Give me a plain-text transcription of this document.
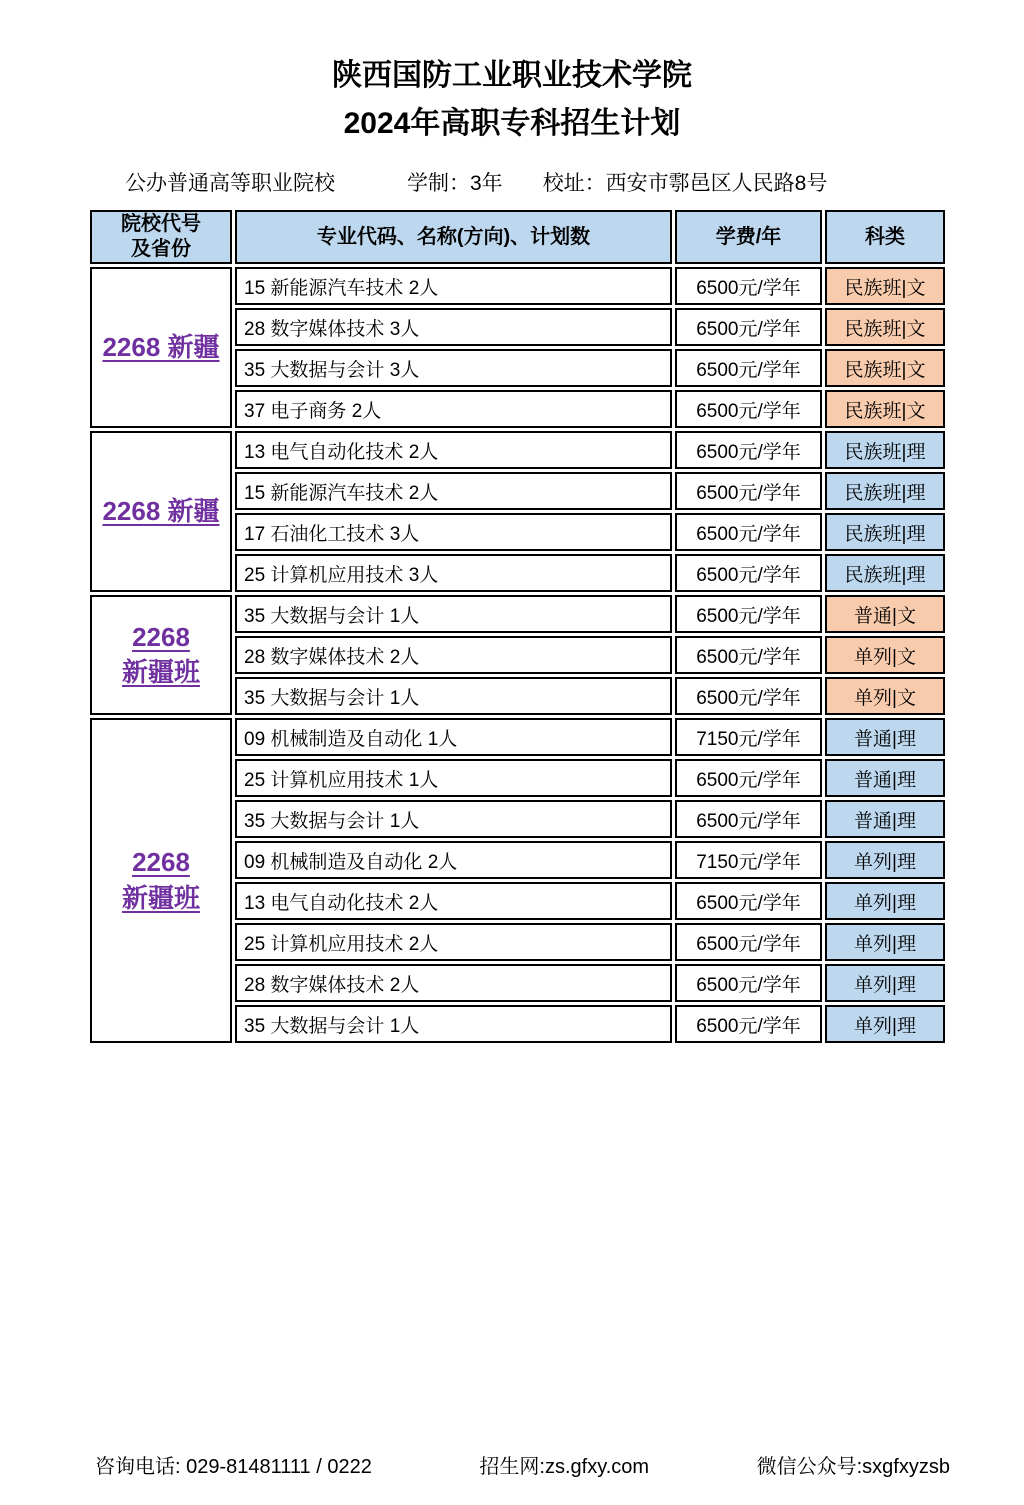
陕西国防工业职业技术学院
2024年高职专科招生计划
公办普通高等职业院校	学制：3年 校址：西安市鄠邑区人民路8号
院校代号
及省份	专业代码、名称(方向)、计划数	学费/年	科类

2268 新疆	15 新能源汽车技术 2人	6500元/学年	民族班|文
	28 数字媒体技术 3人	6500元/学年	民族班|文
	35 大数据与会计 3人	6500元/学年	民族班|文
	37 电子商务 2人	6500元/学年	民族班|文

2268 新疆	13 电气自动化技术 2人	6500元/学年	民族班|理
	15 新能源汽车技术 2人	6500元/学年	民族班|理
	17 石油化工技术 3人	6500元/学年	民族班|理
	25 计算机应用技术 3人	6500元/学年	民族班|理

2268
新疆班	35 大数据与会计 1人	6500元/学年	普通|文
	28 数字媒体技术 2人	6500元/学年	单列|文
	35 大数据与会计 1人	6500元/学年	单列|文

2268
新疆班	09 机械制造及自动化 1人	7150元/学年	普通|理
	25 计算机应用技术 1人	6500元/学年	普通|理
	35 大数据与会计 1人	6500元/学年	普通|理
	09 机械制造及自动化 2人	7150元/学年	单列|理
	13 电气自动化技术 2人	6500元/学年	单列|理
	25 计算机应用技术 2人	6500元/学年	单列|理
	28 数字媒体技术 2人	6500元/学年	单列|理
	35 大数据与会计 1人	6500元/学年	单列|理
咨询电话: 029-81481111 / 0222	招生网:zs.gfxy.com	微信公众号:sxgfxyzsb
